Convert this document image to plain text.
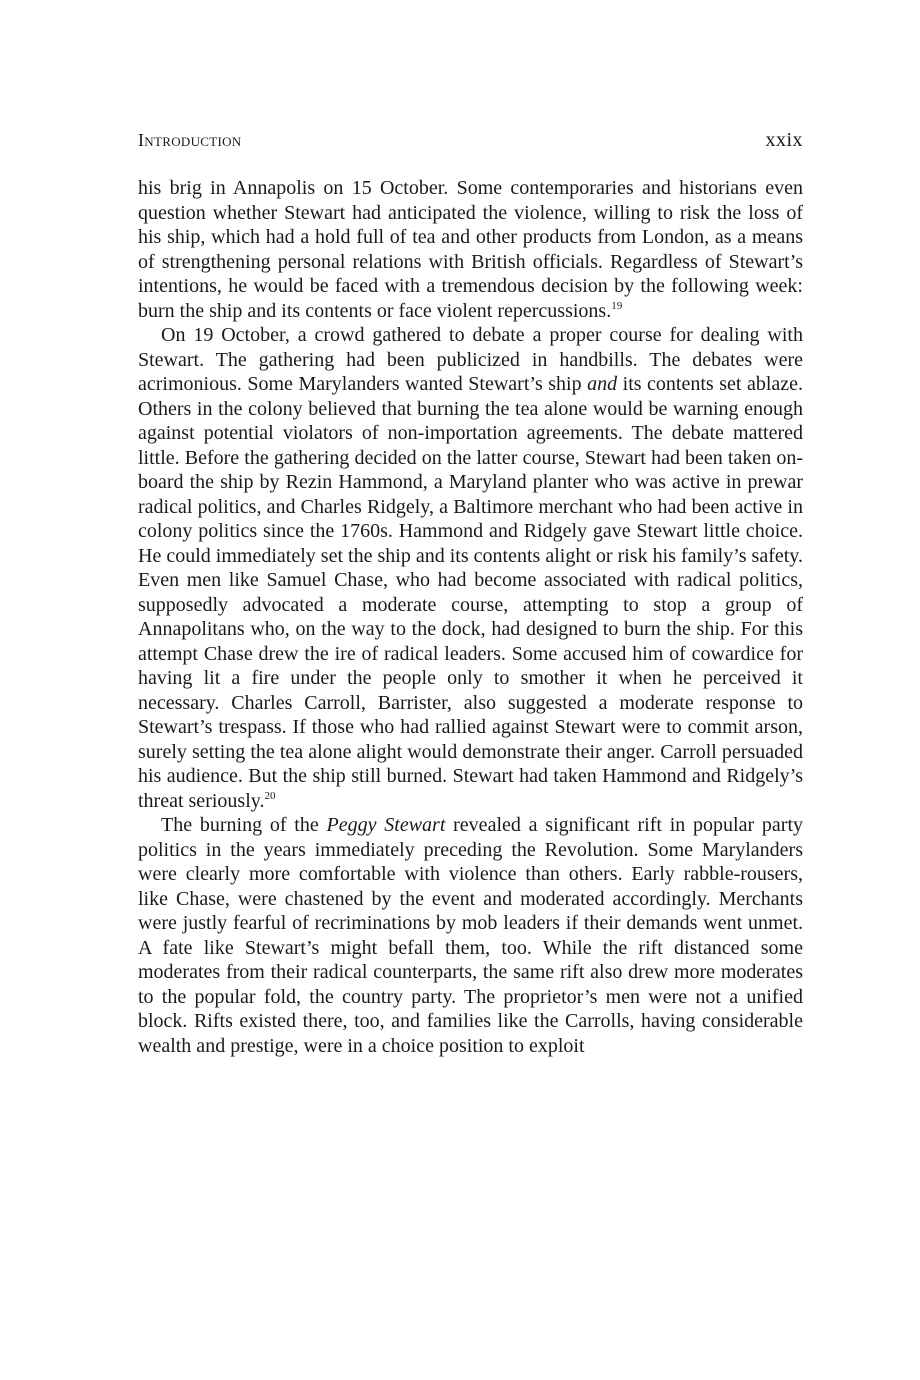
Introduction	xxix

his brig in Annapolis on 15 October. Some contemporaries and historians even question whether Stewart had anticipated the violence, willing to risk the loss of his ship, which had a hold full of tea and other products from London, as a means of strengthening personal relations with British officials. Regardless of Stewart’s intentions, he would be faced with a tremendous decision by the following week: burn the ship and its contents or face violent repercussions.$^{19}$

On 19 October, a crowd gathered to debate a proper course for dealing with Stewart. The gathering had been publicized in handbills. The debates were acrimonious. Some Marylanders wanted Stewart’s ship and its contents set ablaze. Others in the colony believed that burning the tea alone would be warning enough against potential violators of non-importation agreements. The debate mattered little. Before the gathering decided on the latter course, Stewart had been taken onboard the ship by Rezin Hammond, a Maryland planter who was active in prewar radical politics, and Charles Ridgely, a Baltimore merchant who had been active in colony politics since the 1760s. Hammond and Ridgely gave Stewart little choice. He could immediately set the ship and its contents alight or risk his family’s safety. Even men like Samuel Chase, who had become associated with radical politics, supposedly advocated a moderate course, attempting to stop a group of Annapolitans who, on the way to the dock, had designed to burn the ship. For this attempt Chase drew the ire of radical leaders. Some accused him of cowardice for having lit a fire under the people only to smother it when he perceived it necessary. Charles Carroll, Barrister, also suggested a moderate response to Stewart’s trespass. If those who had rallied against Stewart were to commit arson, surely setting the tea alone alight would demonstrate their anger. Carroll persuaded his audience. But the ship still burned. Stewart had taken Hammond and Ridgely’s threat seriously.$^{20}$

The burning of the Peggy Stewart revealed a significant rift in popular party politics in the years immediately preceding the Revolution. Some Marylanders were clearly more comfortable with violence than others. Early rabble-rousers, like Chase, were chastened by the event and moderated accordingly. Merchants were justly fearful of recriminations by mob leaders if their demands went unmet. A fate like Stewart’s might befall them, too. While the rift distanced some moderates from their radical counterparts, the same rift also drew more moderates to the popular fold, the country party. The proprietor’s men were not a unified block. Rifts existed there, too, and families like the Carrolls, having considerable wealth and prestige, were in a choice position to exploit
